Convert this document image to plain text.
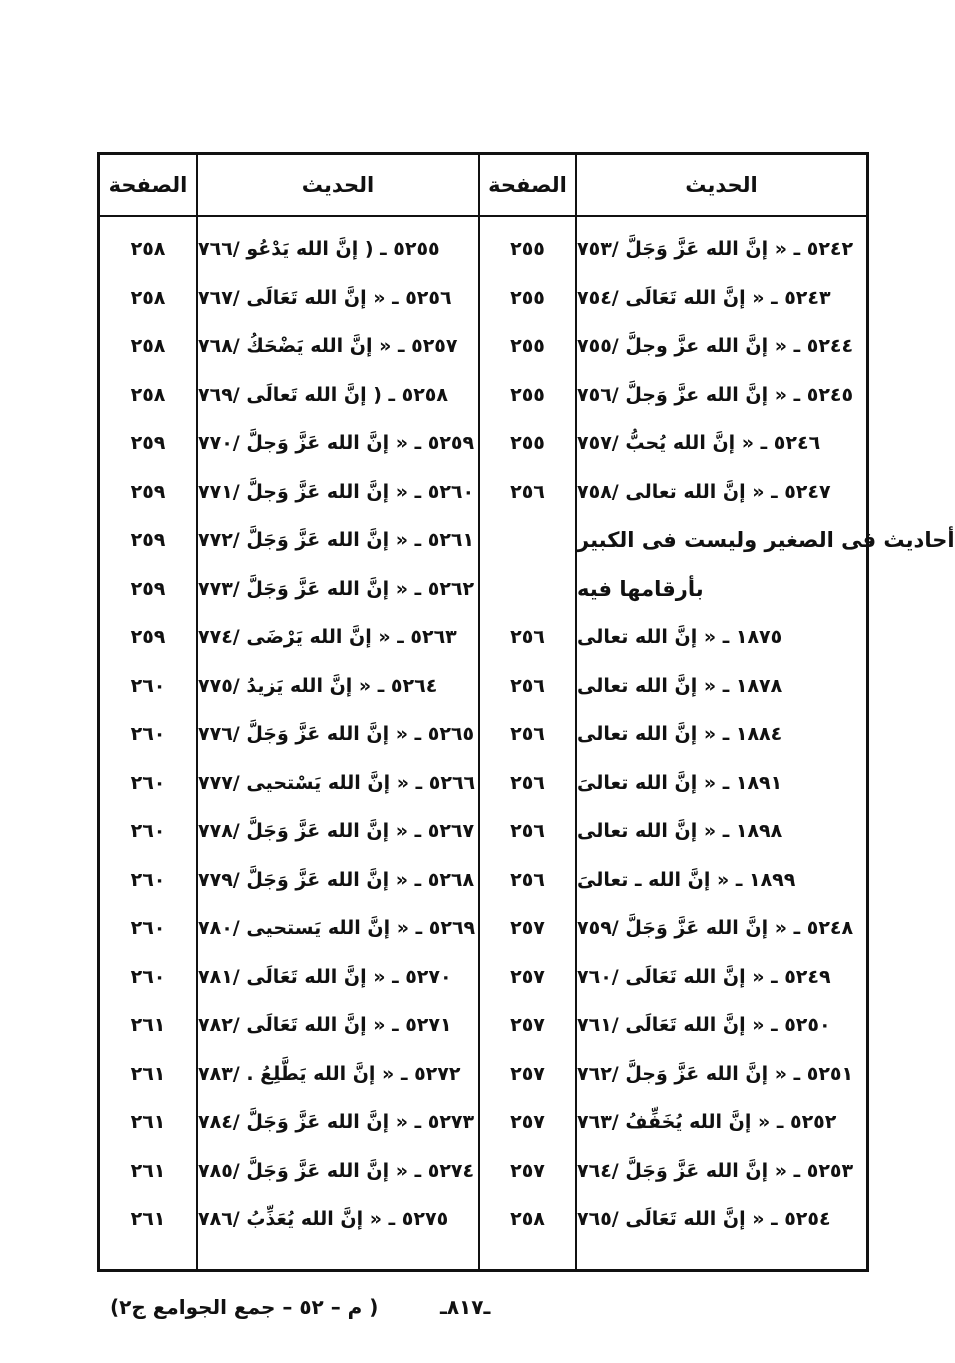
الحديث
الصفحة
الحديث
الصفحة
٥٢٤٢ ـ « إنَّ الله عَزَّ وَجَلَّ /٧٥٣
٢٥٥
٥٢٤٣ ـ « إنَّ الله تَعَالَى /٧٥٤
٢٥٥
٥٢٤٤ ـ « إنَّ الله عزَّ وجلَّ /٧٥٥
٢٥٥
٥٢٤٥ ـ « إنَّ الله عزَّ وَجلَّ /٧٥٦
٢٥٥
٥٢٤٦ ـ « إنَّ الله يُحبُّ /٧٥٧
٢٥٥
٥٢٤٧ ـ « إنَّ الله تعالى /٧٥٨
٢٥٦
أحاديث فى الصغير وليست فى الكبير
بأرقامها فيه
١٨٧٥ ـ « إنَّ الله تعالى
٢٥٦
١٨٧٨ ـ « إنَّ الله تعالى
٢٥٦
١٨٨٤ ـ « إنَّ الله تعالى
٢٥٦
١٨٩١ ـ « إنَّ الله تعالىَ
٢٥٦
١٨٩٨ ـ « إنَّ الله تعالى
٢٥٦
١٨٩٩ ـ « إنَّ الله ـ تعالىَ
٢٥٦
٥٢٤٨ ـ « إنَّ الله عَزَّ وَجَلَّ /٧٥٩
٢٥٧
٥٢٤٩ ـ « إنَّ الله تَعَالَى /٧٦٠
٢٥٧
٥٢٥٠ ـ « إنَّ الله تَعَالَى /٧٦١
٢٥٧
٥٢٥١ ـ « إنَّ الله عَزَّ وَجلَّ /٧٦٢
٢٥٧
٥٢٥٢ ـ « إنَّ الله يُخَفِّفُ /٧٦٣
٢٥٧
٥٢٥٣ ـ « إنَّ الله عَزَّ وَجَلَّ /٧٦٤
٢٥٧
٥٢٥٤ ـ « إنَّ الله تَعَالَى /٧٦٥
٢٥٨
٥٢٥٥ ـ ( إنَّ الله يَدْعُو /٧٦٦
٢٥٨
٥٢٥٦ ـ « إنَّ الله تَعَالَى /٧٦٧
٢٥٨
٥٢٥٧ ـ « إنَّ الله يَضْحَكُ /٧٦٨
٢٥٨
٥٢٥٨ ـ ( إنَّ الله تَعالَى /٧٦٩
٢٥٨
٥٢٥٩ ـ « إنَّ الله عَزَّ وَجلَّ /٧٧٠
٢٥٩
٥٢٦٠ ـ « إنَّ الله عَزَّ وَجلَّ /٧٧١
٢٥٩
٥٢٦١ ـ « إنَّ الله عَزَّ وَجَلَّ /٧٧٢
٢٥٩
٥٢٦٢ ـ « إنَّ الله عَزَّ وَجَلَّ /٧٧٣
٢٥٩
٥٢٦٣ ـ « إنَّ الله يَرْضَى /٧٧٤
٢٥٩
٥٢٦٤ ـ « إنَّ الله يَزيدُ /٧٧٥
٢٦٠
٥٢٦٥ ـ « إنَّ الله عَزَّ وَجَلَّ /٧٧٦
٢٦٠
٥٢٦٦ ـ « إنَّ الله يَسْتحيى /٧٧٧
٢٦٠
٥٢٦٧ ـ « إنَّ الله عَزَّ وَجَلَّ /٧٧٨
٢٦٠
٥٢٦٨ ـ « إنَّ الله عَزَّ وَجَلَّ /٧٧٩
٢٦٠
٥٢٦٩ ـ « إنَّ الله يَستحيى /٧٨٠
٢٦٠
٥٢٧٠ ـ « إنَّ الله تَعَالَى /٧٨١
٢٦٠
٥٢٧١ ـ « إنَّ الله تَعَالَى /٧٨٢
٢٦١
٥٢٧٢ ـ « إنَّ الله يَطَّلِعُ . /٧٨٣
٢٦١
٥٢٧٣ ـ « إنَّ الله عَزَّ وَجَلَّ /٧٨٤
٢٦١
٥٢٧٤ ـ « إنَّ الله عَزَّ وَجَلَّ /٧٨٥
٢٦١
٥٢٧٥ ـ « إنَّ الله يُعَذِّبُ /٧٨٦
٢٦١
ـ٨١٧ـ
( م – ٥٢ – جمع الجوامع ج٢)
